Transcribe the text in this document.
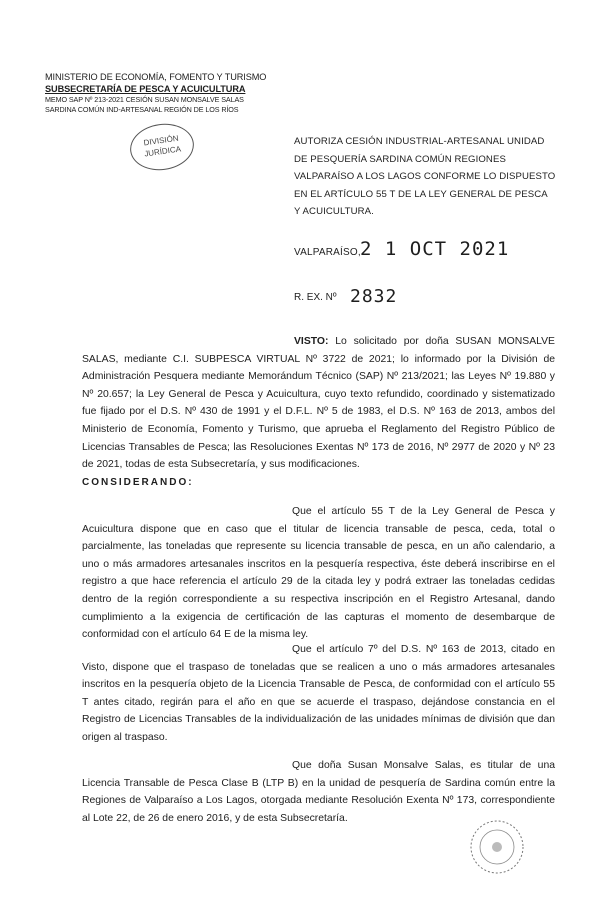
MINISTERIO DE ECONOMÍA, FOMENTO Y TURISMO
SUBSECRETARÍA DE PESCA Y ACUICULTURA
MEMO SAP Nº 213-2021 CESIÓN SUSAN MONSALVE SALAS
SARDINA COMÚN IND-ARTESANAL REGIÓN DE LOS RÍOS
DIVISIÓN
JURÍDICA
AUTORIZA CESIÓN INDUSTRIAL-ARTESANAL UNIDAD DE PESQUERÍA SARDINA COMÚN REGIONES VALPARAÍSO A LOS LAGOS CONFORME LO DISPUESTO EN EL ARTÍCULO 55 T DE LA LEY GENERAL DE PESCA Y ACUICULTURA.
VALPARAÍSO, 2 1 OCT 2021
R. EX. Nº 2832
VISTO: Lo solicitado por doña SUSAN MONSALVE SALAS, mediante C.I. SUBPESCA VIRTUAL Nº 3722 de 2021; lo informado por la División de Administración Pesquera mediante Memorándum Técnico (SAP) Nº 213/2021; las Leyes Nº 19.880 y Nº 20.657; la Ley General de Pesca y Acuicultura, cuyo texto refundido, coordinado y sistematizado fue fijado por el D.S. Nº 430 de 1991 y el D.F.L. Nº 5 de 1983, el D.S. Nº 163 de 2013, ambos del Ministerio de Economía, Fomento y Turismo, que aprueba el Reglamento del Registro Público de Licencias Transables de Pesca; las Resoluciones Exentas Nº 173 de 2016, Nº 2977 de 2020 y Nº 23 de 2021, todas de esta Subsecretaría, y sus modificaciones.
CONSIDERANDO:
Que el artículo 55 T de la Ley General de Pesca y Acuicultura dispone que en caso que el titular de licencia transable de pesca, ceda, total o parcialmente, las toneladas que represente su licencia transable de pesca, en un año calendario, a uno o más armadores artesanales inscritos en la pesquería respectiva, éste deberá inscribirse en el registro a que hace referencia el artículo 29 de la citada ley y podrá extraer las toneladas cedidas dentro de la región correspondiente a su respectiva inscripción en el Registro Artesanal, dando cumplimiento a la exigencia de certificación de las capturas el momento de desembarque de conformidad con el artículo 64 E de la misma ley.
Que el artículo 7º del D.S. Nº 163 de 2013, citado en Visto, dispone que el traspaso de toneladas que se realicen a uno o más armadores artesanales inscritos en la pesquería objeto de la Licencia Transable de Pesca, de conformidad con el artículo 55 T antes citado, regirán para el año en que se acuerde el traspaso, dejándose constancia en el Registro de Licencias Transables de la individualización de las unidades mínimas de división que dan origen al traspaso.
Que doña Susan Monsalve Salas, es titular de una Licencia Transable de Pesca Clase B (LTP B) en la unidad de pesquería de Sardina común entre la Regiones de Valparaíso a Los Lagos, otorgada mediante Resolución Exenta Nº 173, correspondiente al Lote 22, de 26 de enero 2016, y de esta Subsecretaría.
